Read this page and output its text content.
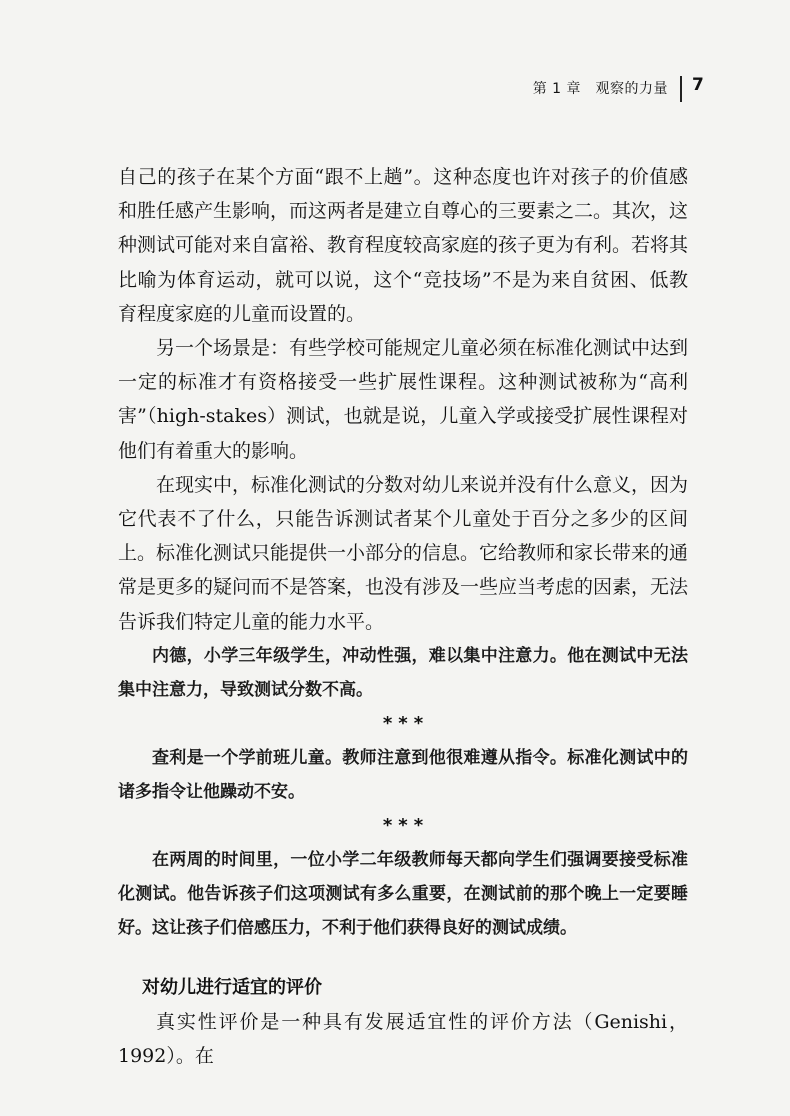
第 1 章　观察的力量 7

自己的孩子在某个方面“跟不上趟”。这种态度也许对孩子的价值感和胜任感产生影响，而这两者是建立自尊心的三要素之二。其次，这种测试可能对来自富裕、教育程度较高家庭的孩子更为有利。若将其比喻为体育运动，就可以说，这个“竞技场”不是为来自贫困、低教育程度家庭的儿童而设置的。

另一个场景是：有些学校可能规定儿童必须在标准化测试中达到一定的标准才有资格接受一些扩展性课程。这种测试被称为“高利害”（high-stakes）测试，也就是说，儿童入学或接受扩展性课程对他们有着重大的影响。

在现实中，标准化测试的分数对幼儿来说并没有什么意义，因为它代表不了什么，只能告诉测试者某个儿童处于百分之多少的区间上。标准化测试只能提供一小部分的信息。它给教师和家长带来的通常是更多的疑问而不是答案，也没有涉及一些应当考虑的因素，无法告诉我们特定儿童的能力水平。

内德，小学三年级学生，冲动性强，难以集中注意力。他在测试中无法集中注意力，导致测试分数不高。

***

查利是一个学前班儿童。教师注意到他很难遵从指令。标准化测试中的诸多指令让他躁动不安。

***

在两周的时间里，一位小学二年级教师每天都向学生们强调要接受标准化测试。他告诉孩子们这项测试有多么重要，在测试前的那个晚上一定要睡好。这让孩子们倍感压力，不利于他们获得良好的测试成绩。

对幼儿进行适宜的评价

真实性评价是一种具有发展适宜性的评价方法（Genishi，1992）。在
